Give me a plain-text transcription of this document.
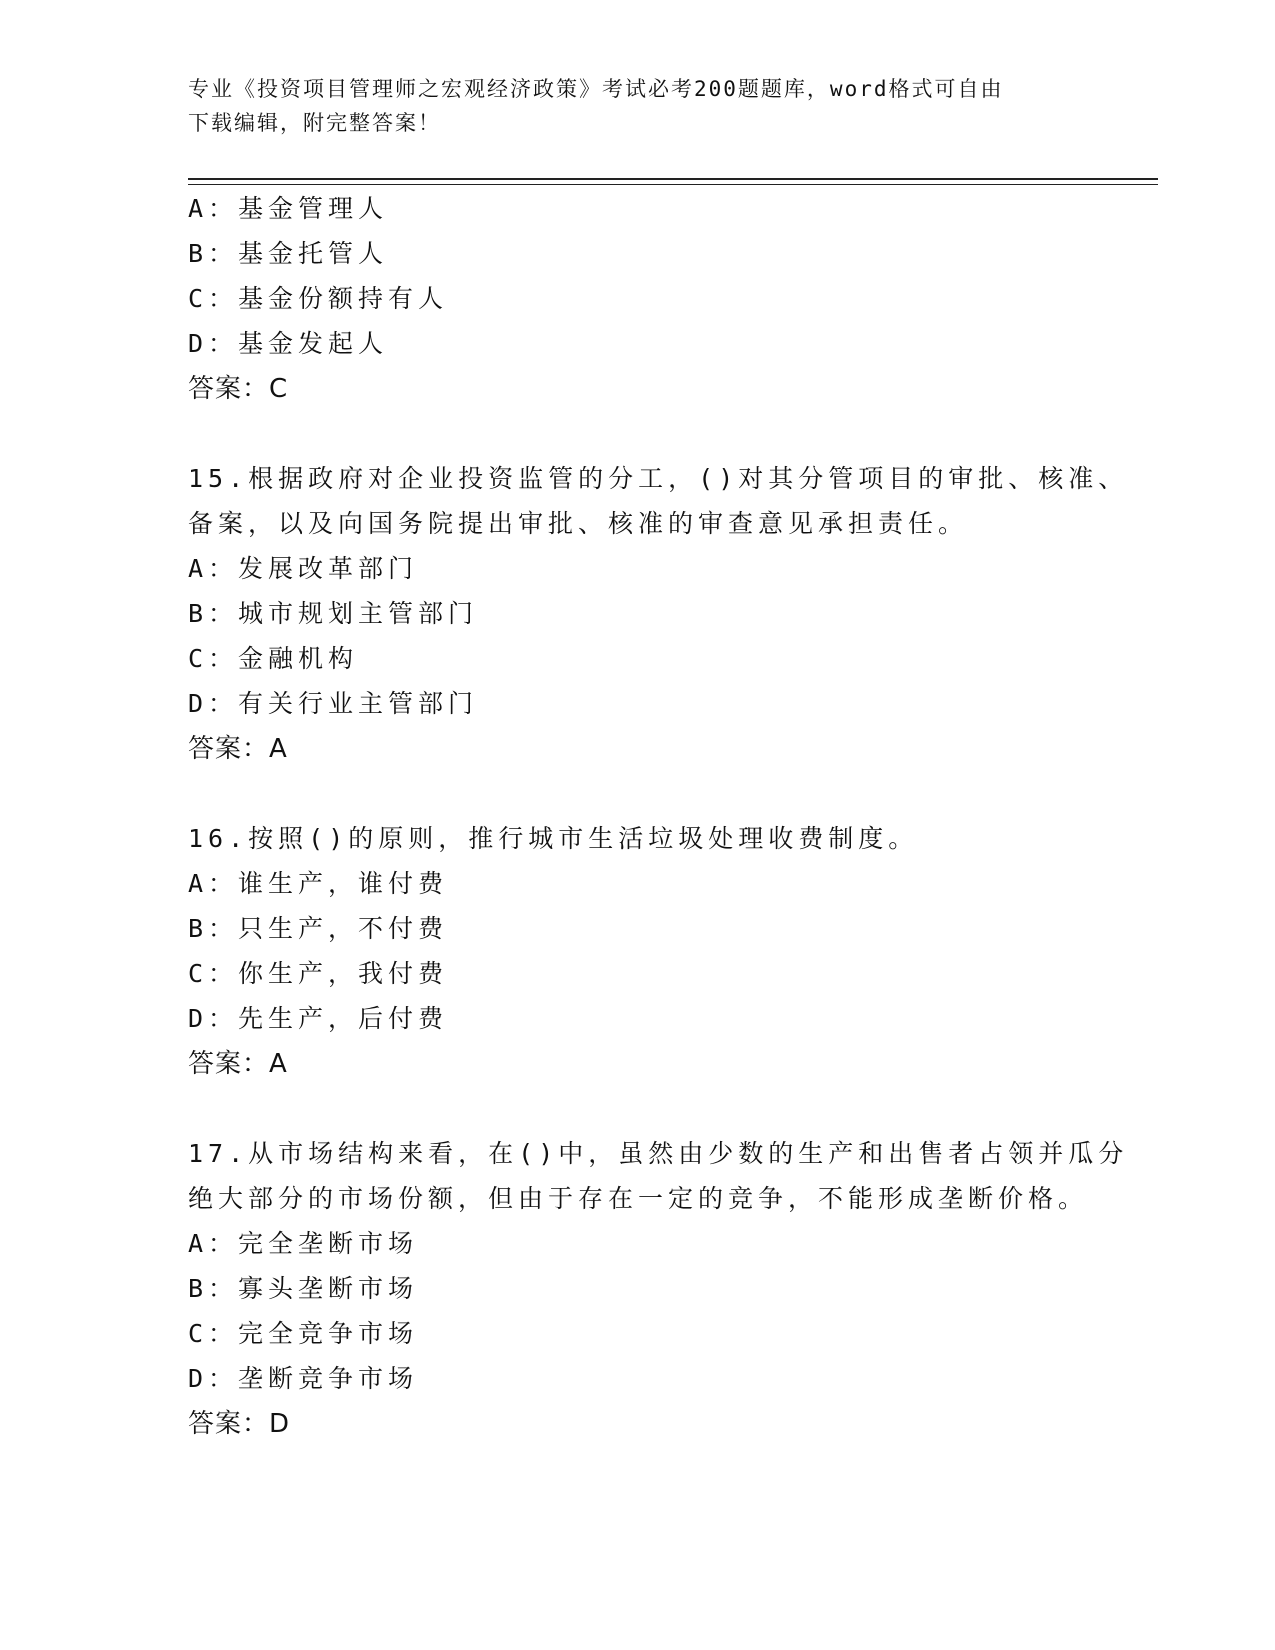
专业《投资项目管理师之宏观经济政策》考试必考200题题库，word格式可自由
下载编辑，附完整答案！
A：基金管理人
B：基金托管人
C：基金份额持有人
D：基金发起人
答案：C
15.根据政府对企业投资监管的分工，()对其分管项目的审批、核准、
备案，以及向国务院提出审批、核准的审查意见承担责任。
A：发展改革部门
B：城市规划主管部门
C：金融机构
D：有关行业主管部门
答案：A
16.按照()的原则，推行城市生活垃圾处理收费制度。
A：谁生产，谁付费
B：只生产，不付费
C：你生产，我付费
D：先生产，后付费
答案：A
17.从市场结构来看，在()中，虽然由少数的生产和出售者占领并瓜分
绝大部分的市场份额，但由于存在一定的竞争，不能形成垄断价格。
A：完全垄断市场
B：寡头垄断市场
C：完全竞争市场
D：垄断竞争市场
答案：D
